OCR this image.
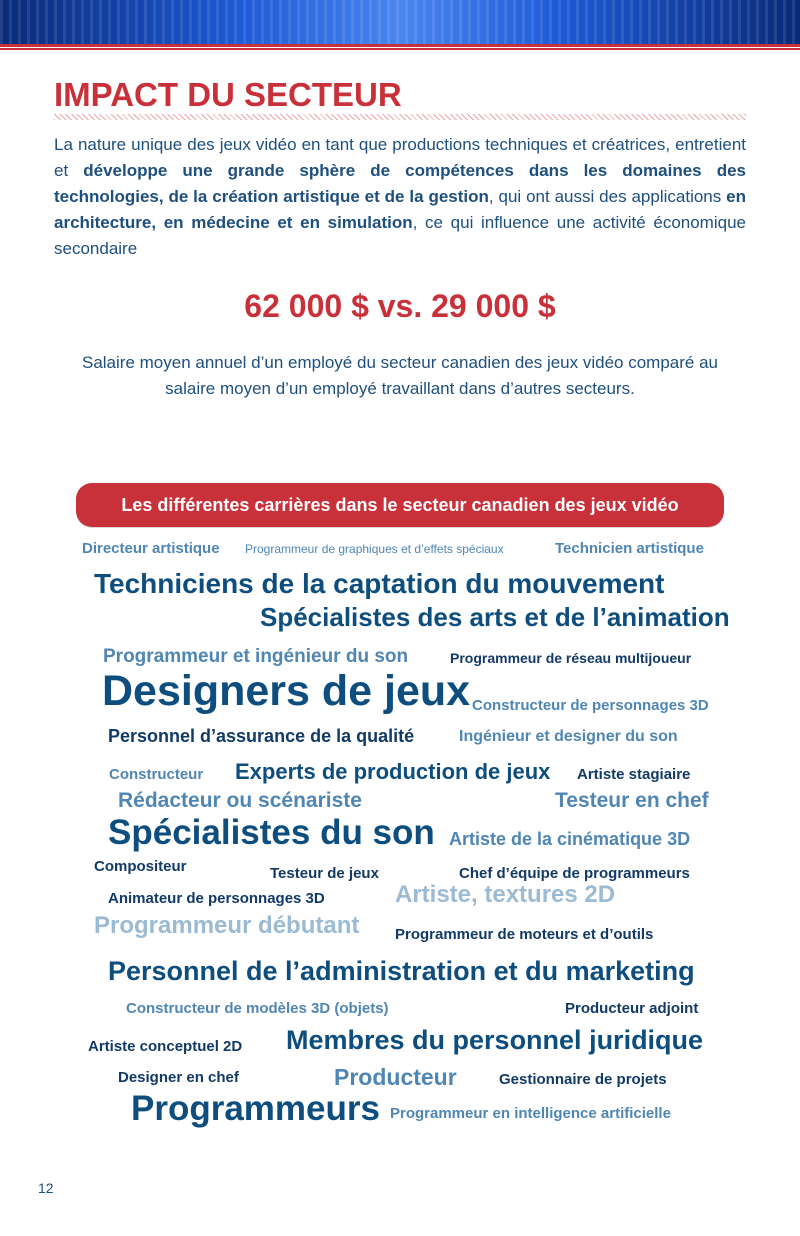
IMPACT DU SECTEUR

La nature unique des jeux vidéo en tant que productions techniques et créatrices, entretient et développe une grande sphère de compétences dans les domaines des technologies, de la création artistique et de la gestion, qui ont aussi des applications en architecture, en médecine et en simulation, ce qui influence une activité économique secondaire

62 000 $ vs. 29 000 $
Salaire moyen annuel d’un employé du secteur canadien des jeux vidéo comparé au salaire moyen d’un employé travaillant dans d’autres secteurs.
Les différentes carrières dans le secteur canadien des jeux vidéo
Directeur artistique Programmeur de graphiques et d’effets spéciaux	Technicien artistique
Techniciens de la captation du mouvement
Spécialistes des arts et de l’animation
Programmeur et ingénieur du son	Programmeur de réseau multijoueur
Designers de jeux Constructeur de personnages 3D
Personnel d’assurance de la qualité	Ingénieur et designer du son
Constructeur Experts de production de jeux Artiste stagiaire
Rédacteur ou scénariste	Testeur en chef
Spécialistes du son Artiste de la cinématique 3D
Compositeur	Testeur de jeux	Chef d’équipe de programmeurs
Animateur de personnages 3D	Artiste, textures 2D
Programmeur débutant Programmeur de moteurs et d’outils
Personnel de l’administration et du marketing
Constructeur de modèles 3D (objets)	Producteur adjoint
Artiste conceptuel 2D Membres du personnel juridique
Designer en chef	Producteur	Gestionnaire de projets
Programmeurs Programmeur en intelligence artificielle
12
